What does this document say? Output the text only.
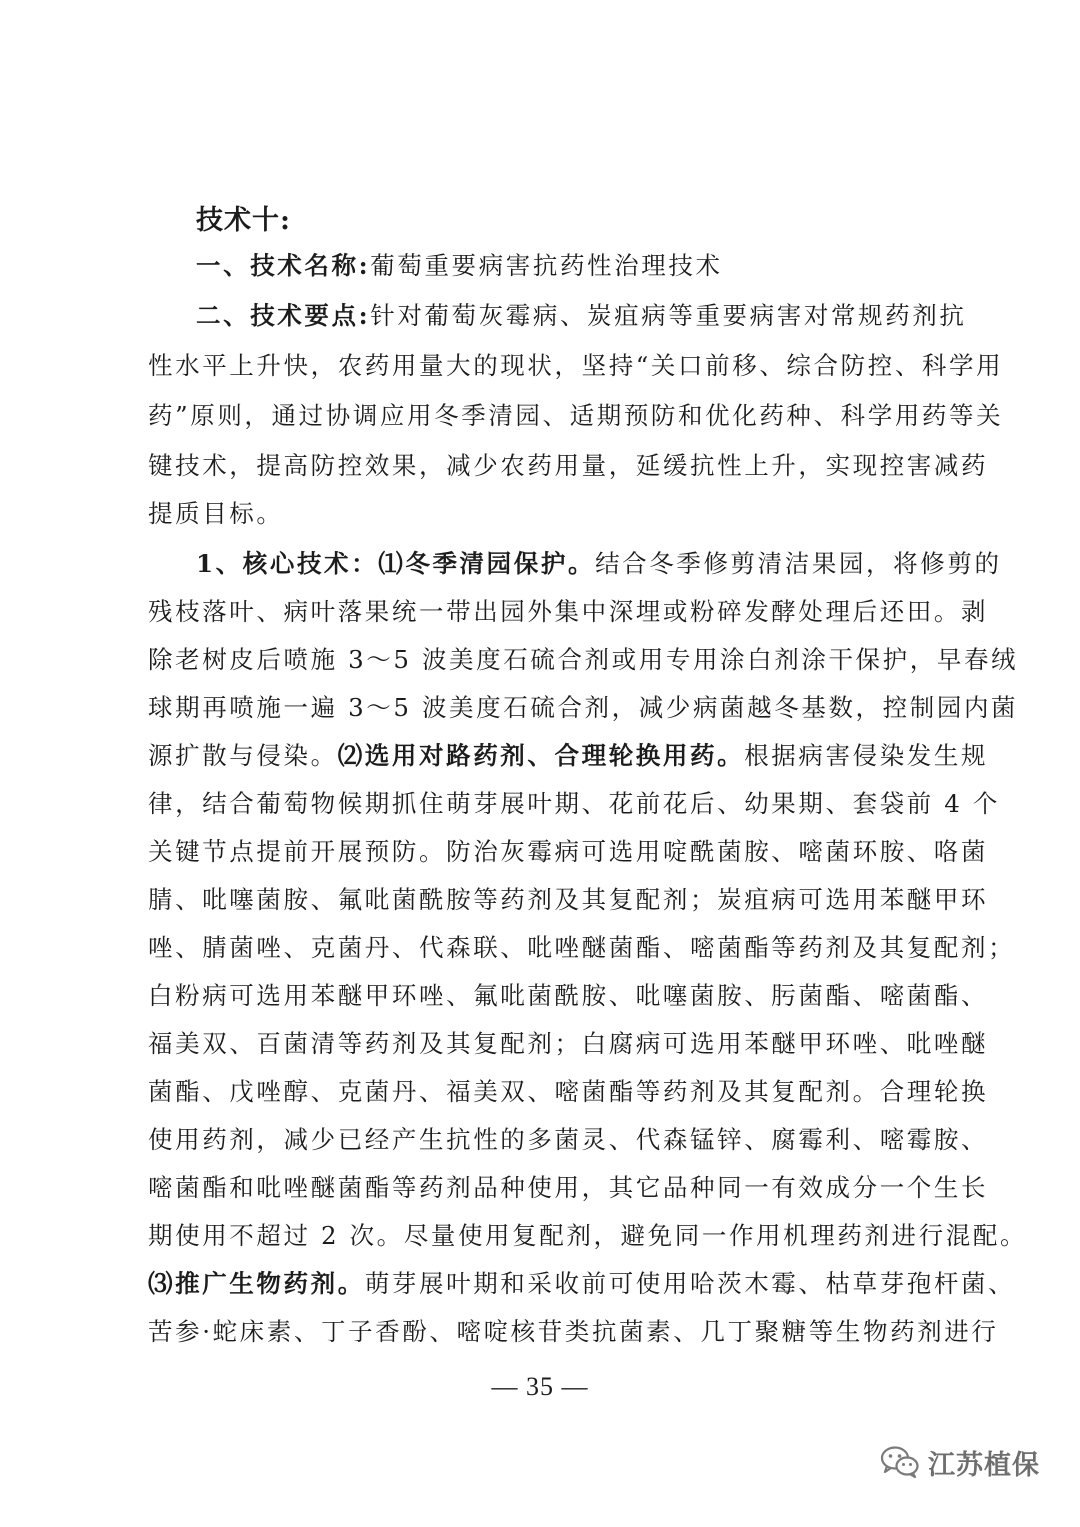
技术十:
一、技术名称:葡萄重要病害抗药性治理技术
二、技术要点:针对葡萄灰霉病、炭疽病等重要病害对常规药剂抗
性水平上升快，农药用量大的现状，坚持“关口前移、综合防控、科学用
药”原则，通过协调应用冬季清园、适期预防和优化药种、科学用药等关
键技术，提高防控效果，减少农药用量，延缓抗性上升，实现控害减药
提质目标。
1、核心技术：⑴冬季清园保护。结合冬季修剪清洁果园，将修剪的
残枝落叶、病叶落果统一带出园外集中深埋或粉碎发酵处理后还田。剥
除老树皮后喷施 3～5 波美度石硫合剂或用专用涂白剂涂干保护，早春绒
球期再喷施一遍 3～5 波美度石硫合剂，减少病菌越冬基数，控制园内菌
源扩散与侵染。⑵选用对路药剂、合理轮换用药。根据病害侵染发生规
律，结合葡萄物候期抓住萌芽展叶期、花前花后、幼果期、套袋前 4 个
关键节点提前开展预防。防治灰霉病可选用啶酰菌胺、嘧菌环胺、咯菌
腈、吡噻菌胺、氟吡菌酰胺等药剂及其复配剂；炭疽病可选用苯醚甲环
唑、腈菌唑、克菌丹、代森联、吡唑醚菌酯、嘧菌酯等药剂及其复配剂；
白粉病可选用苯醚甲环唑、氟吡菌酰胺、吡噻菌胺、肟菌酯、嘧菌酯、
福美双、百菌清等药剂及其复配剂；白腐病可选用苯醚甲环唑、吡唑醚
菌酯、戊唑醇、克菌丹、福美双、嘧菌酯等药剂及其复配剂。合理轮换
使用药剂，减少已经产生抗性的多菌灵、代森锰锌、腐霉利、嘧霉胺、
嘧菌酯和吡唑醚菌酯等药剂品种使用，其它品种同一有效成分一个生长
期使用不超过 2 次。尽量使用复配剂，避免同一作用机理药剂进行混配。
⑶推广生物药剂。萌芽展叶期和采收前可使用哈茨木霉、枯草芽孢杆菌、
苦参·蛇床素、丁子香酚、嘧啶核苷类抗菌素、几丁聚糖等生物药剂进行
— 35 —
江苏植保
